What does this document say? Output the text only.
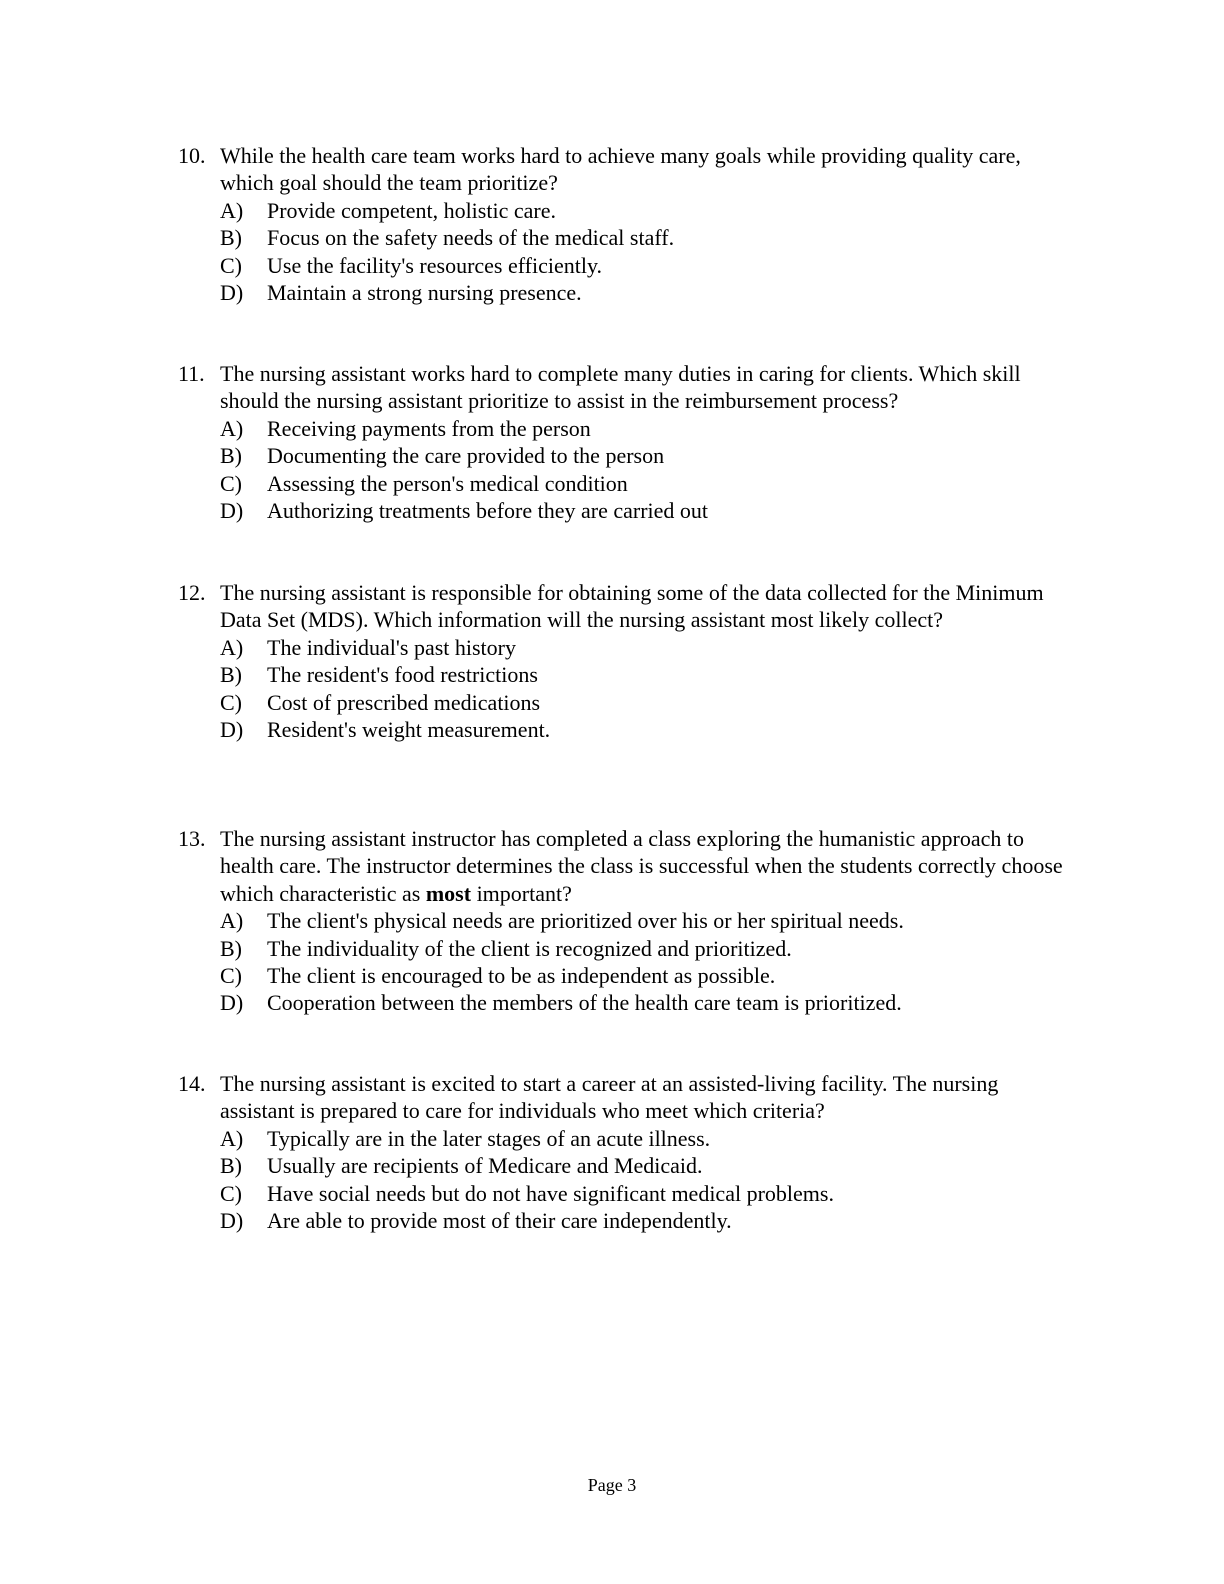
10. While the health care team works hard to achieve many goals while providing quality care, which goal should the team prioritize?
A)	Provide competent, holistic care.
B)	Focus on the safety needs of the medical staff.
C)	Use the facility's resources efficiently.
D)	Maintain a strong nursing presence.
11. The nursing assistant works hard to complete many duties in caring for clients. Which skill should the nursing assistant prioritize to assist in the reimbursement process?
A)	Receiving payments from the person
B)	Documenting the care provided to the person
C)	Assessing the person's medical condition
D)	Authorizing treatments before they are carried out
12. The nursing assistant is responsible for obtaining some of the data collected for the Minimum Data Set (MDS). Which information will the nursing assistant most likely collect?
A)	The individual's past history
B)	The resident's food restrictions
C)	Cost of prescribed medications
D)	Resident's weight measurement.
13. The nursing assistant instructor has completed a class exploring the humanistic approach to health care. The instructor determines the class is successful when the students correctly choose which characteristic as most important?
A)	The client's physical needs are prioritized over his or her spiritual needs.
B)	The individuality of the client is recognized and prioritized.
C)	The client is encouraged to be as independent as possible.
D)	Cooperation between the members of the health care team is prioritized.
14. The nursing assistant is excited to start a career at an assisted-living facility. The nursing assistant is prepared to care for individuals who meet which criteria?
A)	Typically are in the later stages of an acute illness.
B)	Usually are recipients of Medicare and Medicaid.
C)	Have social needs but do not have significant medical problems.
D)	Are able to provide most of their care independently.
Page 3
